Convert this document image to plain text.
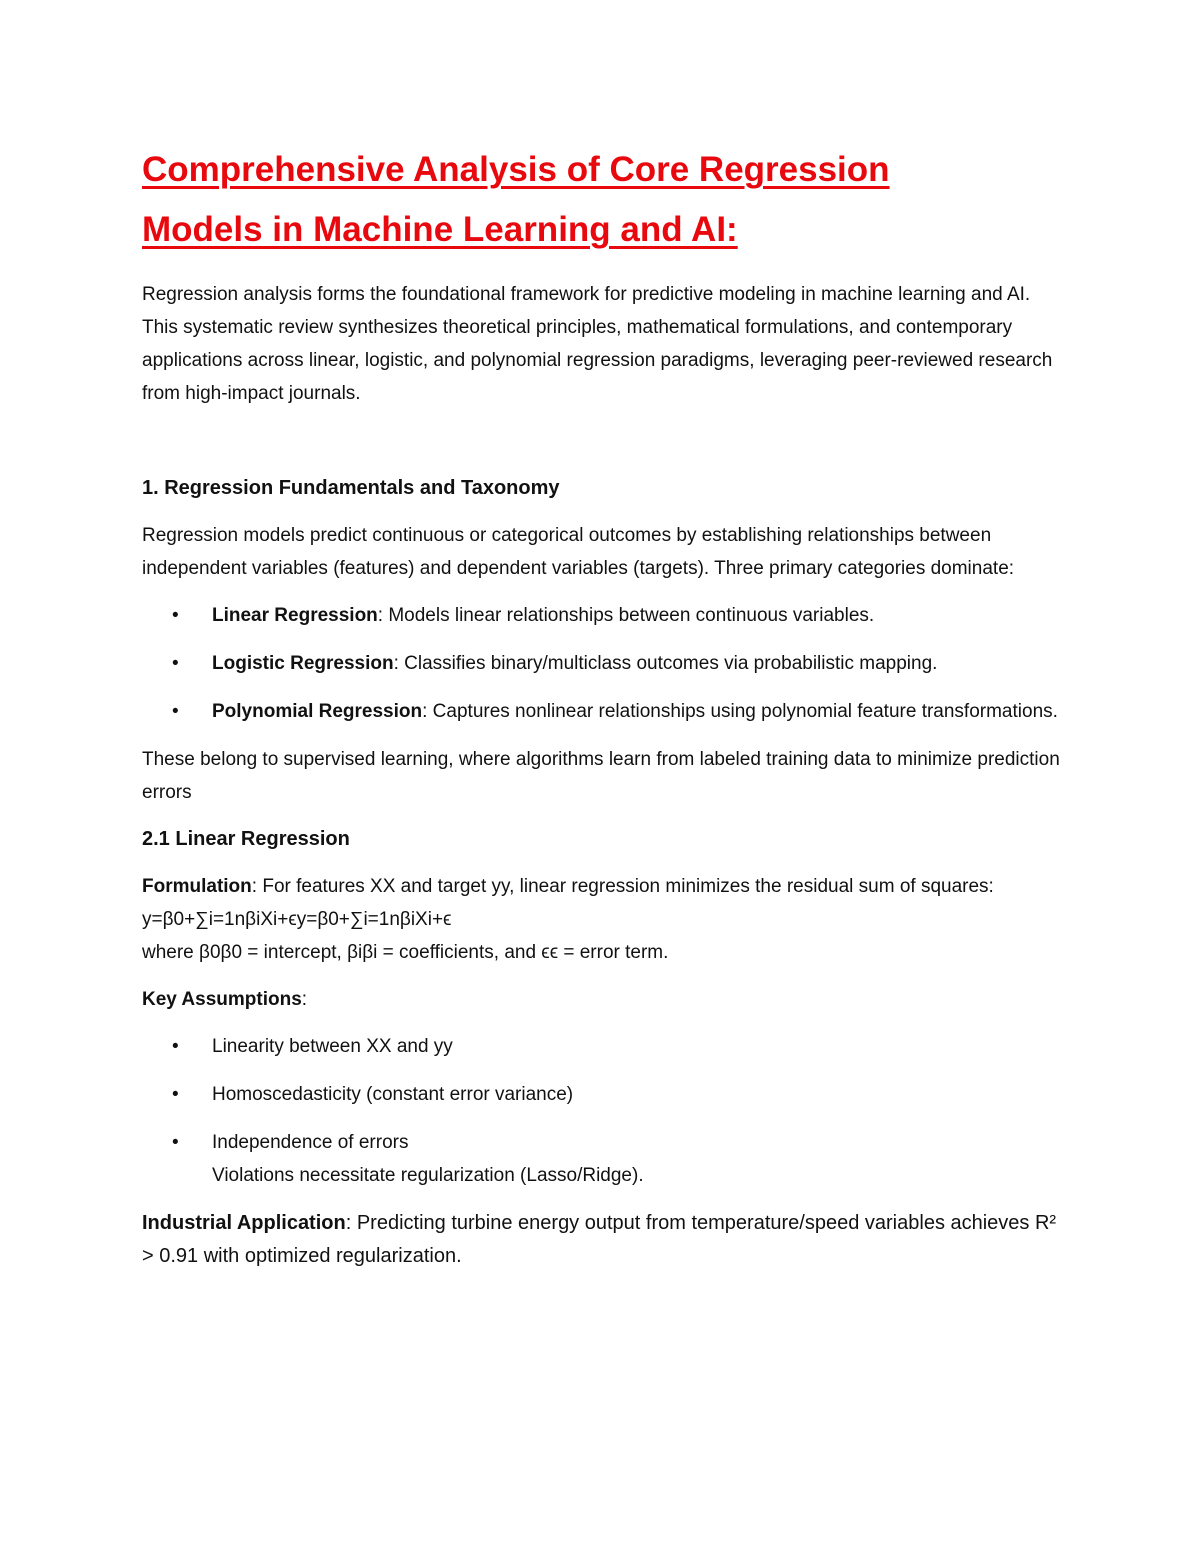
Comprehensive Analysis of Core Regression
Models in Machine Learning and AI:

Regression analysis forms the foundational framework for predictive modeling in machine learning and AI. This systematic review synthesizes theoretical principles, mathematical formulations, and contemporary applications across linear, logistic, and polynomial regression paradigms, leveraging peer-reviewed research from high-impact journals.

1. Regression Fundamentals and Taxonomy

Regression models predict continuous or categorical outcomes by establishing relationships between independent variables (features) and dependent variables (targets). Three primary categories dominate:

• Linear Regression: Models linear relationships between continuous variables.
• Logistic Regression: Classifies binary/multiclass outcomes via probabilistic mapping.
• Polynomial Regression: Captures nonlinear relationships using polynomial feature transformations.

These belong to supervised learning, where algorithms learn from labeled training data to minimize prediction errors

2.1 Linear Regression

Formulation: For features XX and target yy, linear regression minimizes the residual sum of squares:
y=β0+∑i=1nβiXi+ϵy=β0+∑i=1nβiXi+ϵ
where β0β0 = intercept, βiβi = coefficients, and ϵϵ = error term.

Key Assumptions:

• Linearity between XX and yy
• Homoscedasticity (constant error variance)
• Independence of errors
Violations necessitate regularization (Lasso/Ridge).

Industrial Application: Predicting turbine energy output from temperature/speed variables achieves R² > 0.91 with optimized regularization.
